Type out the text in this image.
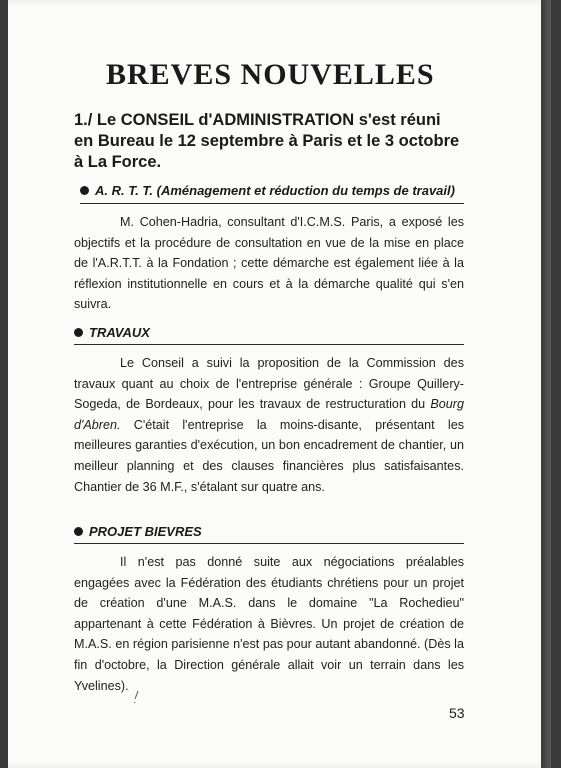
BREVES NOUVELLES

1./ Le CONSEIL d'ADMINISTRATION s'est réuni en Bureau le 12 septembre à Paris et le 3 octobre à La Force.

A. R. T. T. (Aménagement et réduction du temps de travail)

M. Cohen-Hadria, consultant d'I.C.M.S. Paris, a exposé les objectifs et la procédure de consultation en vue de la mise en place de l'A.R.T.T. à la Fondation ; cette démarche est également liée à la réflexion institutionnelle en cours et à la démarche qualité qui s'en suivra.

TRAVAUX

Le Conseil a suivi la proposition de la Commission des travaux quant au choix de l'entreprise générale : Groupe Quillery-Sogeda, de Bordeaux, pour les travaux de restructuration du Bourg d'Abren. C'était l'entreprise la moins-disante, présentant les meilleures garanties d'exécution, un bon encadrement de chantier, un meilleur planning et des clauses financières plus satisfaisantes. Chantier de 36 M.F., s'étalant sur quatre ans.

PROJET BIEVRES

Il n'est pas donné suite aux négociations préalables engagées avec la Fédération des étudiants chrétiens pour un projet de création d'une M.A.S. dans le domaine "La Rochedieu" appartenant à cette Fédération à Bièvres. Un projet de création de M.A.S. en région parisienne n'est pas pour autant abandonné. (Dès la fin d'octobre, la Direction générale allait voir un terrain dans les Yvelines).

53
